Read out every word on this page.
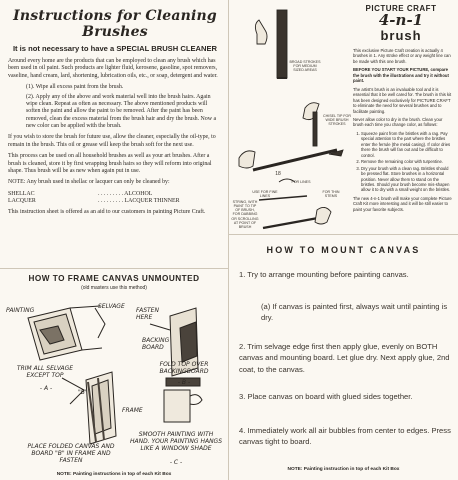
Instructions for Cleaning Brushes
It is not necessary to have a SPECIAL BRUSH CLEANER

Around every home are the products that can be employed to clean any brush which has been used in oil paint. Such products are lighter fluid, kerosene, gasoline, spot removers, vaseline, hand cream, lard, shortening, lubrication oils, etc., or soap, detergent and water.

(1). Wipe all excess paint from the brush.
(2). Apply any of the above and work material well into the brush hairs. Again wipe clean. Repeat as often as necessary. The above mentioned products will soften the paint and allow the paint to be removed. After the paint has been removed, clean the excess material from the brush hair and dry the brush. Now a new color can be applied with the brush.

If you wish to store the brush for future use, allow the cleaner, especially the oil-type, to remain in the brush. This oil or grease will keep the brush soft for the next use.

This process can be used on all household brushes as well as your art brushes. After a brush is cleaned, store it by first wrapping brush hairs so they will reform into original shape. Thus brush will be as new when again put in use.

NOTE: Any brush used in shellac or lacquer can only be cleaned by:

SHELLAC	. . . . . . . . . ALCOHOL
LACQUER	. . . . . . . . . LACQUER THINNER

This instruction sheet is offered as an aid to our customers in painting Picture Craft.

HOW TO FRAME CANVAS UNMOUNTED
(old masters use this method)
PAINTING
SELVAGE
FASTEN HERE
BACKING BOARD
TRIM ALL SELVAGE EXCEPT TOP
- A -
FOLD TOP OVER BACKINGBOARD
- B -
"B"
FRAME
PLACE FOLDED CANVAS AND BOARD "B" IN FRAME AND FASTEN
SMOOTH PAINTING WITH HAND. YOUR PAINTING HANGS LIKE A WINDOW SHADE
- C -
NOTE: Painting instructions in top of each Kit Box
PICTURE CRAFT
4-n-1
brush
BROAD STROKES FOR MEDIUM SIZED AREAS
CHISEL TIP FOR WIDE BRUSH STROKES
USE FOR FINE LINES
FOR LINES
FOR THIN STEMS
STRING, WITH PAINT TO TIP OF BRUSH, FOR DABBING OR SCROLLING AT POINT OF BRUSH
18

This exclusive Picture Craft creation is actually 4 brushes in 1. Any stroke effect or any weight line can be made with this one brush.

BEFORE YOU START YOUR PICTURE, compare the brush with the illustrations and try it without paint.

The artist's brush is an invaluable tool and it is essential that it be well cared for. The brush in this kit has been designed exclusively for PICTURE CRAFT to eliminate the need for several brushes and to facilitate painting.

Never allow color to dry in the brush. Clean your brush each time you change color, as follows:

1. Squeeze paint from the bristles with a rag. Pay special attention to the part where the bristles enter the ferrule (the metal casing). If color dries there the brush will fan out and be difficult to control.
2. Remove the remaining color with turpentine.
3. Dry your brush with a clean rag. Bristles should be pressed flat. Store brushes in a horizontal position. Never allow them to stand on the bristles. Should your brush become mis-shapen allow it to dry with a small weight on the bristles.

The new 4-n-1 brush will make your complete Picture Craft Kit more interesting and it will be still easier to paint your favorite subjects.

HOW TO MOUNT CANVAS
1. Try to arrange mounting before painting canvas.
(a) If canvas is painted first, always wait until painting is dry.
2. Trim selvage edge first then apply glue, evenly on BOTH canvas and mounting board. Let glue dry. Next apply glue, 2nd coat, to the canvas.
3. Place canvas on board with glued sides together.
4. Immediately work all air bubbles from center to edges. Press canvas tight to board.
NOTE: Painting instruction in top of each Kit Box
